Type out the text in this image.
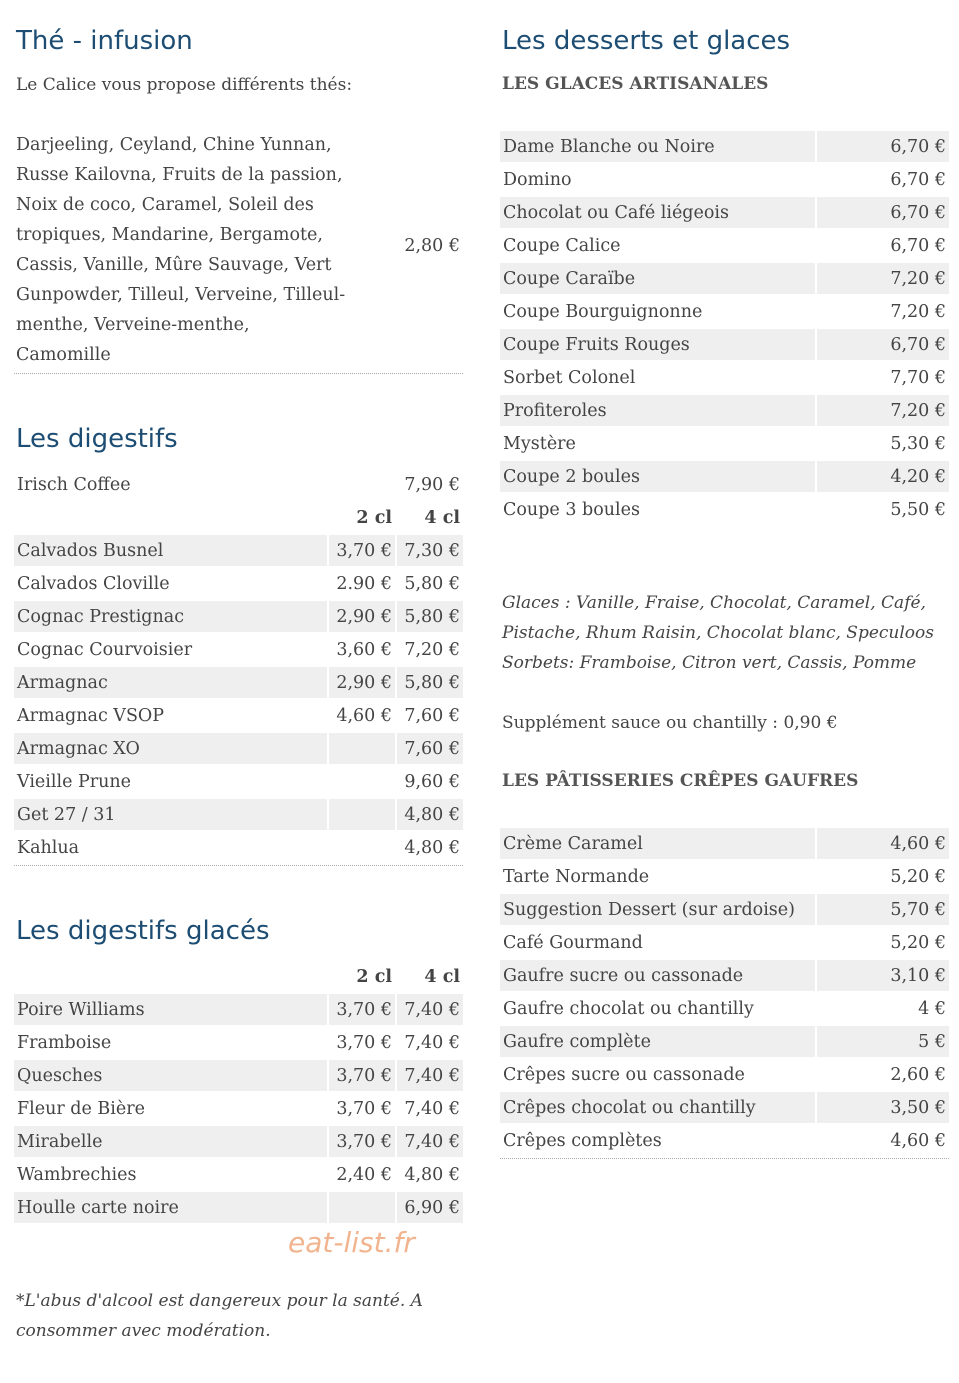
Thé - infusion

Le Calice vous propose différents thés:

Darjeeling, Ceyland, Chine Yunnan, Russe Kailovna, Fruits de la passion, Noix de coco, Caramel, Soleil des tropiques, Mandarine, Bergamote, Cassis, Vanille, Mûre Sauvage, Vert Gunpowder, Tilleul, Verveine, Tilleul-menthe, Verveine-menthe, Camomille
2,80 €
Les digestifs
Irisch Coffee		7,90 €
	2 cl	4 cl
Calvados Busnel	3,70 €	7,30 €
Calvados Cloville	2.90 €	5,80 €
Cognac Prestignac	2,90 €	5,80 €
Cognac Courvoisier	3,60 €	7,20 €
Armagnac	2,90 €	5,80 €
Armagnac VSOP	4,60 €	7,60 €
Armagnac XO		7,60 €
Vieille Prune		9,60 €
Get 27 / 31		4,80 €
Kahlua		4,80 €
Les digestifs glacés
	2 cl	4 cl
Poire Williams	3,70 €	7,40 €
Framboise	3,70 €	7,40 €
Quesches	3,70 €	7,40 €
Fleur de Bière	3,70 €	7,40 €
Mirabelle	3,70 €	7,40 €
Wambrechies	2,40 €	4,80 €
Houlle carte noire		6,90 €

*L'abus d'alcool est dangereux pour la santé. A consommer avec modération.

eat-list.fr
Les desserts et glaces

LES GLACES ARTISANALES

Dame Blanche ou Noire	6,70 €
Domino	6,70 €
Chocolat ou Café liégeois	6,70 €
Coupe Calice	6,70 €
Coupe Caraïbe	7,20 €
Coupe Bourguignonne	7,20 €
Coupe Fruits Rouges	6,70 €
Sorbet Colonel	7,70 €
Profiteroles	7,20 €
Mystère	5,30 €
Coupe 2 boules	4,20 €
Coupe 3 boules	5,50 €

Glaces : Vanille, Fraise, Chocolat, Caramel, Café,

Pistache, Rhum Raisin, Chocolat blanc, Speculoos

Sorbets: Framboise, Citron vert, Cassis, Pomme

Supplément sauce ou chantilly : 0,90 €

LES PÂTISSERIES CRÊPES GAUFRES

Crème Caramel	4,60 €
Tarte Normande	5,20 €
Suggestion Dessert (sur ardoise)	5,70 €
Café Gourmand	5,20 €
Gaufre sucre ou cassonade	3,10 €
Gaufre chocolat ou chantilly	4 €
Gaufre complète	5 €
Crêpes sucre ou cassonade	2,60 €
Crêpes chocolat ou chantilly	3,50 €
Crêpes complètes	4,60 €
